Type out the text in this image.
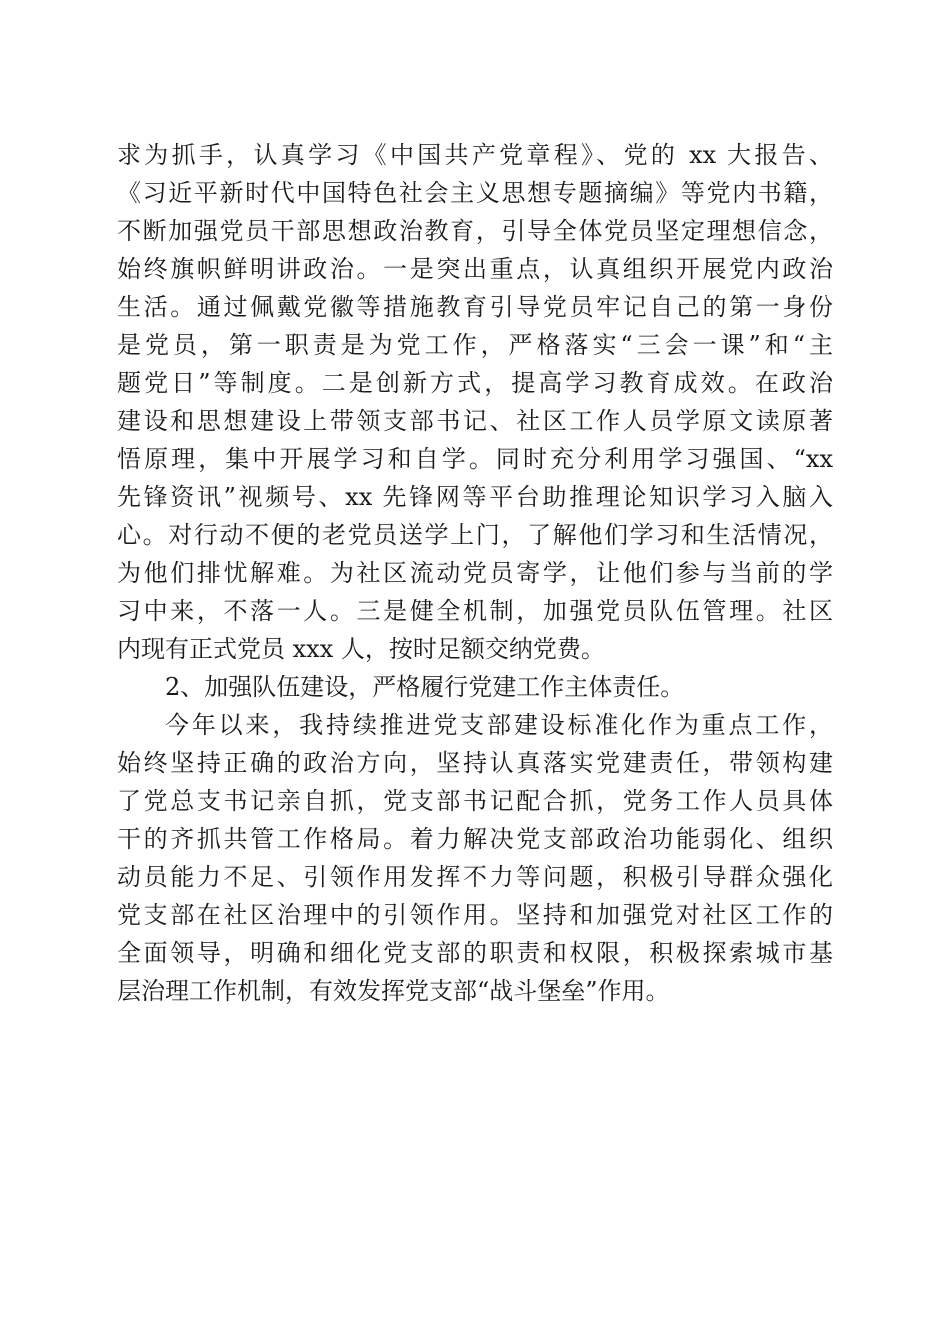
求为抓手，认真学习《中国共产党章程》、党的 xx 大报告、
《习近平新时代中国特色社会主义思想专题摘编》等党内书籍，
不断加强党员干部思想政治教育，引导全体党员坚定理想信念，
始终旗帜鲜明讲政治。一是突出重点，认真组织开展党内政治
生活。通过佩戴党徽等措施教育引导党员牢记自己的第一身份
是党员，第一职责是为党工作，严格落实“三会一课”和“主
题党日”等制度。二是创新方式，提高学习教育成效。在政治
建设和思想建设上带领支部书记、社区工作人员学原文读原著
悟原理，集中开展学习和自学。同时充分利用学习强国、“xx
先锋资讯”视频号、xx 先锋网等平台助推理论知识学习入脑入
心。对行动不便的老党员送学上门，了解他们学习和生活情况，
为他们排忧解难。为社区流动党员寄学，让他们参与当前的学
习中来，不落一人。三是健全机制，加强党员队伍管理。社区
内现有正式党员 xxx 人，按时足额交纳党费。
2、加强队伍建设，严格履行党建工作主体责任。
今年以来，我持续推进党支部建设标准化作为重点工作，
始终坚持正确的政治方向，坚持认真落实党建责任，带领构建
了党总支书记亲自抓，党支部书记配合抓，党务工作人员具体
干的齐抓共管工作格局。着力解决党支部政治功能弱化、组织
动员能力不足、引领作用发挥不力等问题，积极引导群众强化
党支部在社区治理中的引领作用。坚持和加强党对社区工作的
全面领导，明确和细化党支部的职责和权限，积极探索城市基
层治理工作机制，有效发挥党支部“战斗堡垒”作用。
